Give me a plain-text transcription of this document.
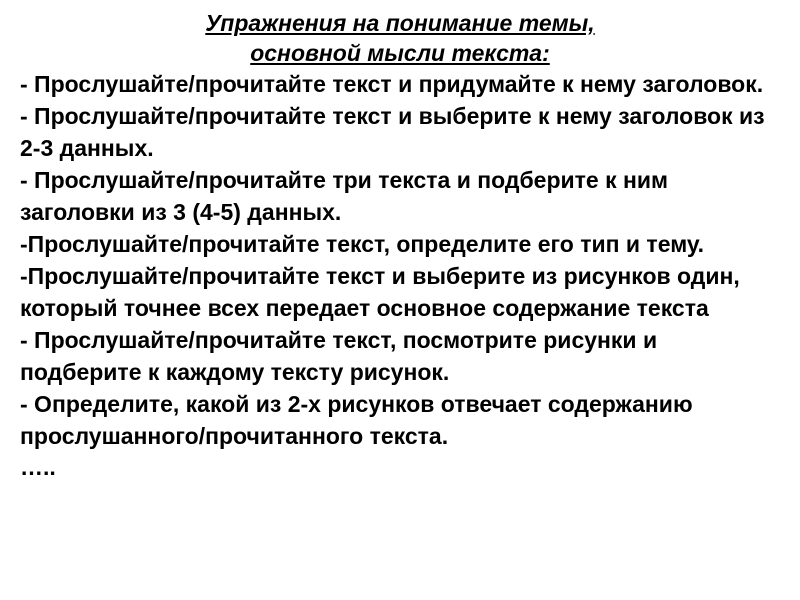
Упражнения на понимание темы,
основной мысли текста:
- Прослушайте/прочитайте текст и придумайте к нему заголовок.
- Прослушайте/прочитайте текст и выберите к нему заголовок из 2-3 данных.
- Прослушайте/прочитайте три текста и подберите к ним заголовки из 3 (4-5) данных.
-Прослушайте/прочитайте текст, определите его тип и тему.
-Прослушайте/прочитайте текст и выберите из рисунков один, который точнее всех передает основное содержание текста
- Прослушайте/прочитайте текст, посмотрите рисунки и подберите к каждому тексту рисунок.
- Определите, какой из 2-х рисунков отвечает содержанию прослушанного/прочитанного текста.
…..
